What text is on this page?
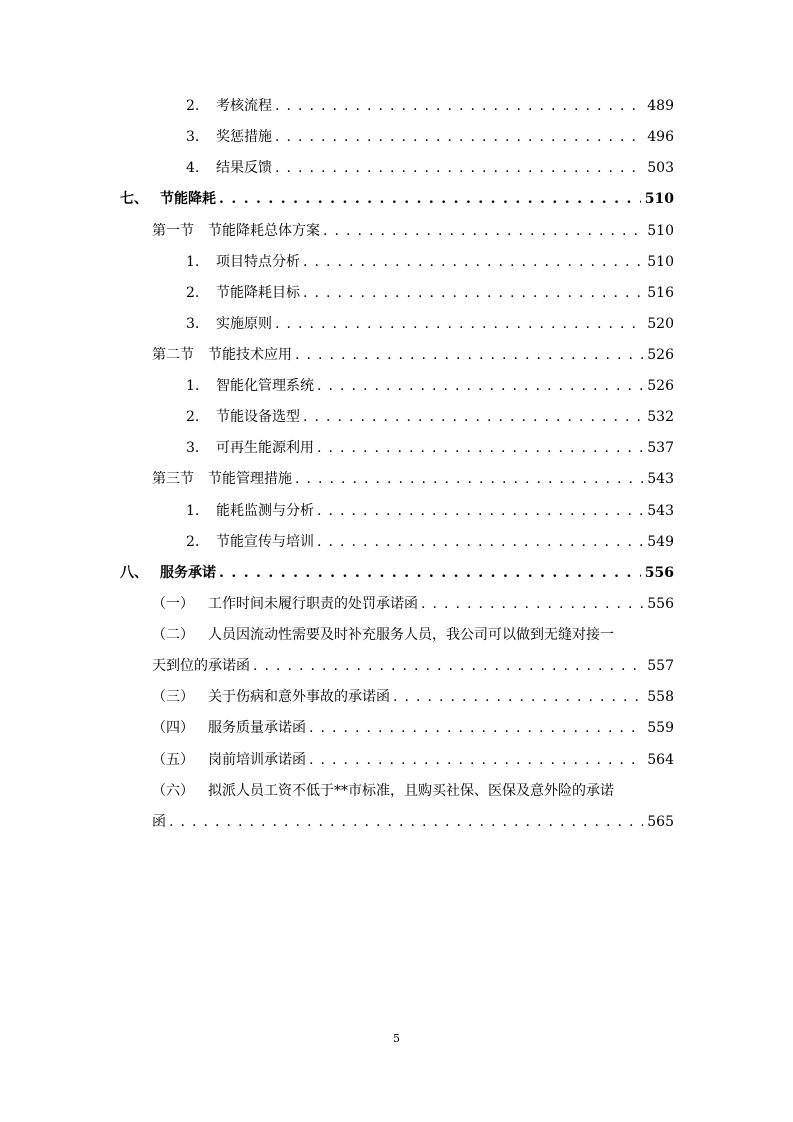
2.	考核流程 . . .	489
3.	奖惩措施 . . .	496
4.	结果反馈 . . .	503
七、 节能降耗 . . .	510
第一节	节能降耗总体方案 . . .	510
1.	项目特点分析 . . .	510
2.	节能降耗目标 . . .	516
3.	实施原则 . . .	520
第二节	节能技术应用 . . .	526
1.	智能化管理系统 . . .	526
2.	节能设备选型 . . .	532
3.	可再生能源利用 . . .	537
第三节	节能管理措施 . . .	543
1.	能耗监测与分析 . . .	543
2.	节能宣传与培训 . . .	549
八、 服务承诺 . . .	556
（一）	工作时间未履行职责的处罚承诺函 . . .	556
（二） 人员因流动性需要及时补充服务人员，我公司可以做到无缝对接一
天到位的承诺函 . . .	557
（三）	关于伤病和意外事故的承诺函 . . .	558
（四）	服务质量承诺函 . . .	559
（五）	岗前培训承诺函 . . .	564
（六） 拟派人员工资不低于**市标准，且购买社保、医保及意外险的承诺
函 . . .	565
5
